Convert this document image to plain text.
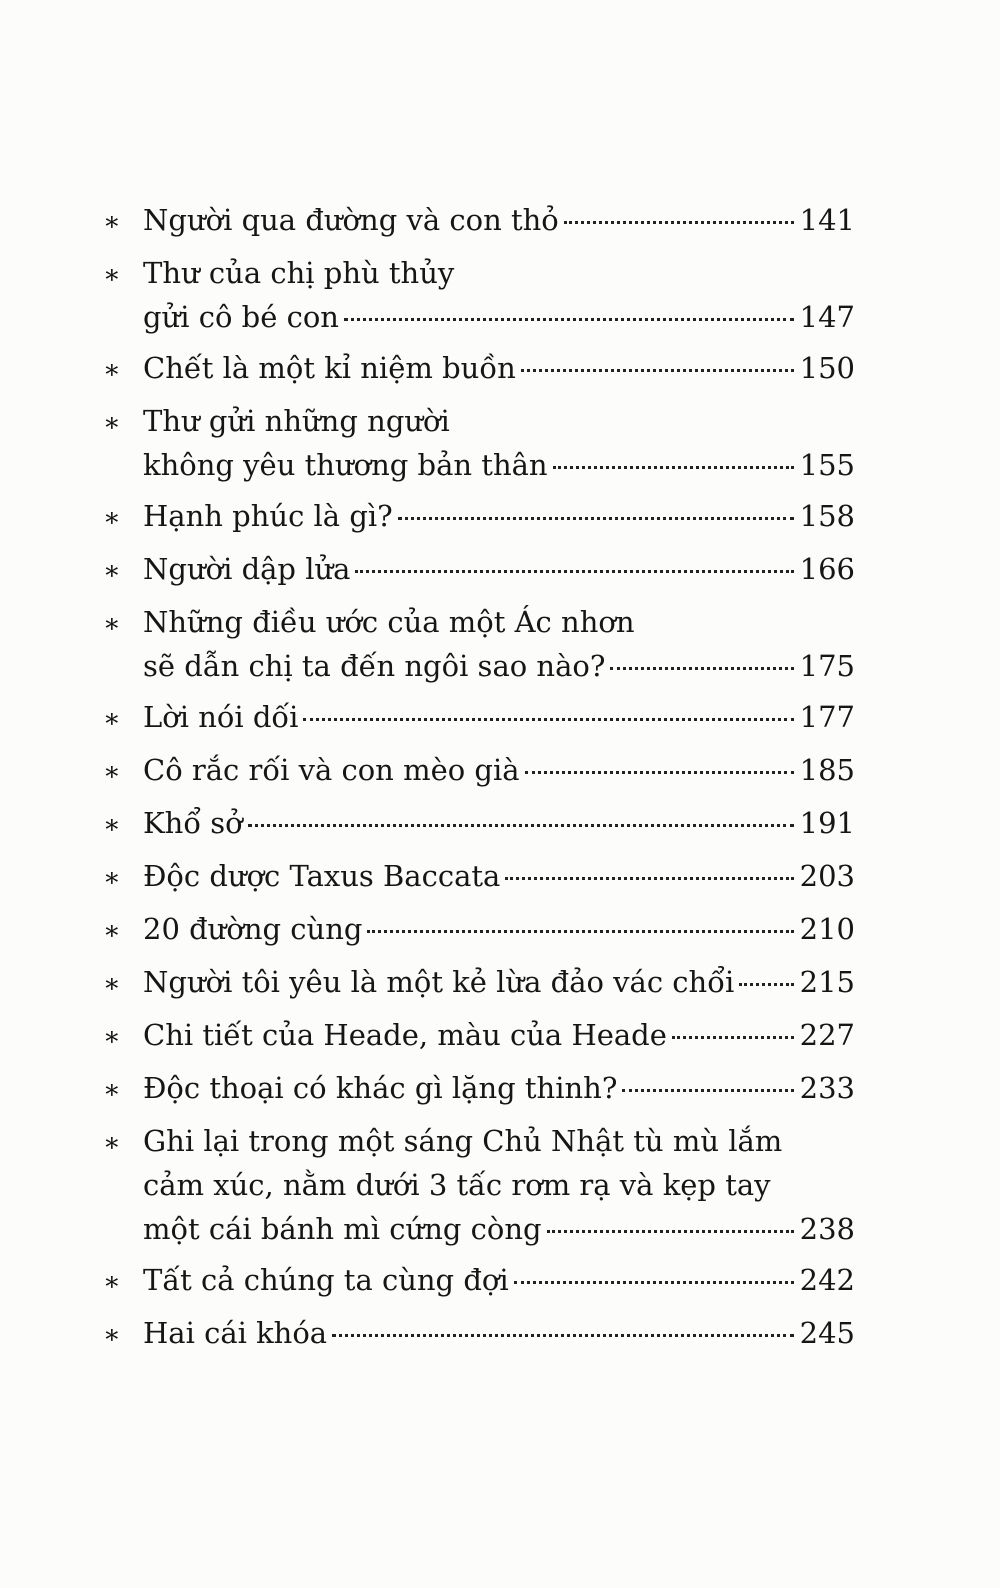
∗ Người qua đường và con thỏ	141
∗ Thư của chị phù thủy
gửi cô bé con	147
∗ Chết là một kỉ niệm buồn	150
∗ Thư gửi những người
không yêu thương bản thân	155
∗ Hạnh phúc là gì?	158
∗ Người dập lửa	166
∗ Những điều ước của một Ác nhơn
sẽ dẫn chị ta đến ngôi sao nào?	175
∗ Lời nói dối	177
∗ Cô rắc rối và con mèo già	185
∗ Khổ sở	191
∗ Độc dược Taxus Baccata	203
∗ 20 đường cùng	210
∗ Người tôi yêu là một kẻ lừa đảo vác chổi 215
∗ Chi tiết của Heade, màu của Heade	227
∗ Độc thoại có khác gì lặng thinh?	233
∗ Ghi lại trong một sáng Chủ Nhật tù mù lắm
cảm xúc, nằm dưới 3 tấc rơm rạ và kẹp tay
một cái bánh mì cứng còng	238
∗ Tất cả chúng ta cùng đợi	242
∗ Hai cái khóa	245
